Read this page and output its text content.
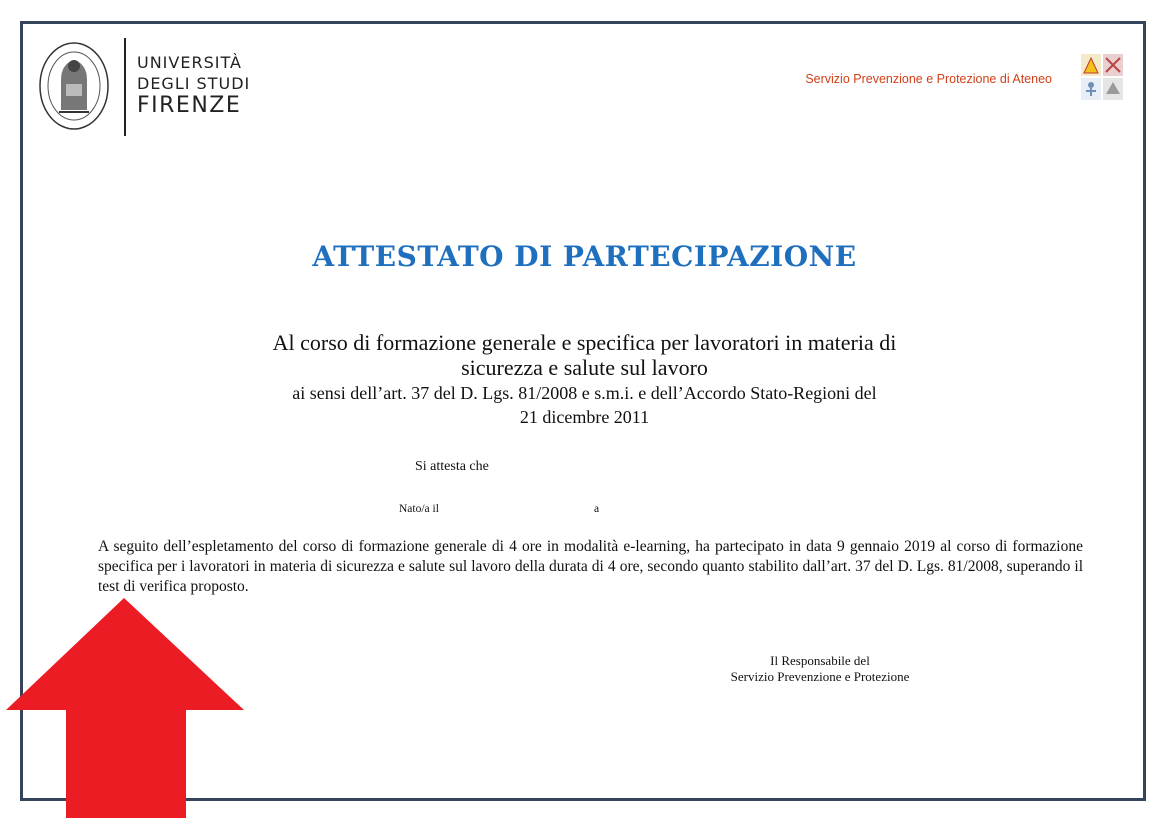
UNIVERSITÀ
DEGLI STUDI
FIRENZE
Servizio Prevenzione e Protezione di Ateneo
ATTESTATO DI PARTECIPAZIONE
Al corso di formazione generale e specifica per lavoratori in materia di
sicurezza e salute sul lavoro
ai sensi dell’art. 37 del D. Lgs. 81/2008 e s.m.i. e dell’Accordo Stato-Regioni del
21 dicembre 2011
Si attesta che
Nato/a il	a
A seguito dell’espletamento del corso di formazione generale di 4 ore in modalità e-learning, ha partecipato in data 9 gennaio 2019 al corso di formazione specifica per i lavoratori in materia di sicurezza e salute sul lavoro della durata di 4 ore, secondo quanto stabilito dall’art. 37 del D. Lgs. 81/2008, superando il test di verifica proposto.
Il Responsabile del
Servizio Prevenzione e Protezione
